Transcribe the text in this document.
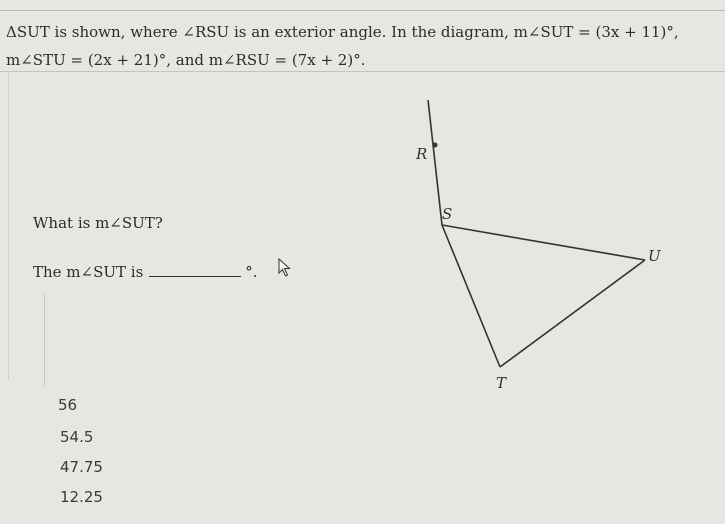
ΔSUT is shown, where ∠RSU is an exterior angle. In the diagram, m∠SUT = (3x + 11)°,

m∠STU = (2x + 21)°, and m∠RSU = (7x + 2)°.

What is m∠SUT?
The m∠SUT is	°.
R
S
U
T
56
54.5
47.75
12.25
